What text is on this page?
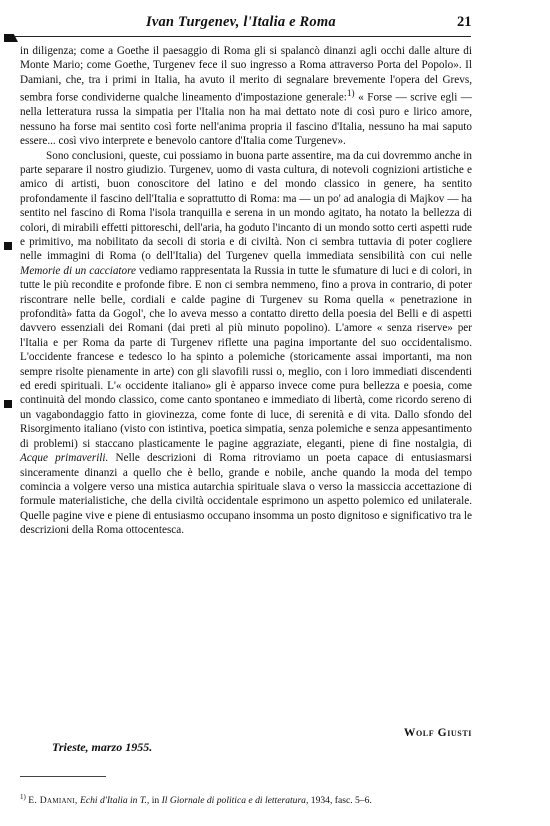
Ivan Turgenev, l'Italia e Roma	21

in diligenza; come a Goethe il paesaggio di Roma gli si spalancò dinanzi agli occhi dalle alture di Monte Mario; come Goethe, Turgenev fece il suo ingresso a Roma attraverso Porta del Popolo». Il Damiani, che, tra i primi in Italia, ha avuto il merito di segnalare brevemente l'opera del Grevs, sembra forse condividerne qualche lineamento d'impostazione generale:$^{1)}$ « Forse — scrive egli — nella letteratura russa la simpatia per l'Italia non ha mai dettato note di così puro e lirico amore, nessuno ha forse mai sentito così forte nell'anima propria il fascino d'Italia, nessuno ha mai saputo essere... così vivo interprete e benevolo cantore d'Italia come Turgenev».

Sono conclusioni, queste, cui possiamo in buona parte assentire, ma da cui dovremmo anche in parte separare il nostro giudizio. Turgenev, uomo di vasta cultura, di notevoli cognizioni artistiche e amico di artisti, buon conoscitore del latino e del mondo classico in genere, ha sentito profondamente il fascino dell'Italia e soprattutto di Roma: ma — un po' ad analogia di Majkov — ha sentito nel fascino di Roma l'isola tranquilla e serena in un mondo agitato, ha notato la bellezza di colori, di mirabili effetti pittoreschi, dell'aria, ha goduto l'incanto di un mondo sotto certi aspetti rude e primitivo, ma nobilitato da secoli di storia e di civiltà. Non ci sembra tuttavia di poter cogliere nelle immagini di Roma (o dell'Italia) del Turgenev quella immediata sensibilità con cui nelle Memorie di un cacciatore vediamo rappresentata la Russia in tutte le sfumature di luci e di colori, in tutte le più recondite e profonde fibre. E non ci sembra nemmeno, fino a prova in contrario, di poter riscontrare nelle belle, cordiali e calde pagine di Turgenev su Roma quella « penetrazione in profondità» fatta da Gogol', che lo aveva messo a contatto diretto della poesia del Belli e di aspetti davvero essenziali dei Romani (dai preti al più minuto popolino). L'amore « senza riserve» per l'Italia e per Roma da parte di Turgenev riflette una pagina importante del suo occidentalismo. L'occidente francese e tedesco lo ha spinto a polemiche (storicamente assai importanti, ma non sempre risolte pienamente in arte) con gli slavofili russi o, meglio, con i loro immediati discendenti ed eredi spirituali. L'« occidente italiano» gli è apparso invece come pura bellezza e poesia, come continuità del mondo classico, come canto spontaneo e immediato di libertà, come ricordo sereno di un vagabondaggio fatto in giovinezza, come fonte di luce, di serenità e di vita. Dallo sfondo del Risorgimento italiano (visto con istintiva, poetica simpatia, senza polemiche e senza appesantimento di problemi) si staccano plasticamente le pagine aggraziate, eleganti, piene di fine nostalgia, di Acque primaverili. Nelle descrizioni di Roma ritroviamo un poeta capace di entusiasmarsi sinceramente dinanzi a quello che è bello, grande e nobile, anche quando la moda del tempo comincia a volgere verso una mistica autarchia spirituale slava o verso la massiccia accettazione di formule materialistiche, che della civiltà occidentale esprimono un aspetto polemico ed unilaterale. Quelle pagine vive e piene di entusiasmo occupano insomma un posto dignitoso e significativo tra le descrizioni della Roma ottocentesca.

Wolf Giusti
Trieste, marzo 1955.
$^{1)}$ E. Damiani, Echi d'Italia in T., in Il Giornale di politica e di letteratura, 1934, fasc. 5–6.
